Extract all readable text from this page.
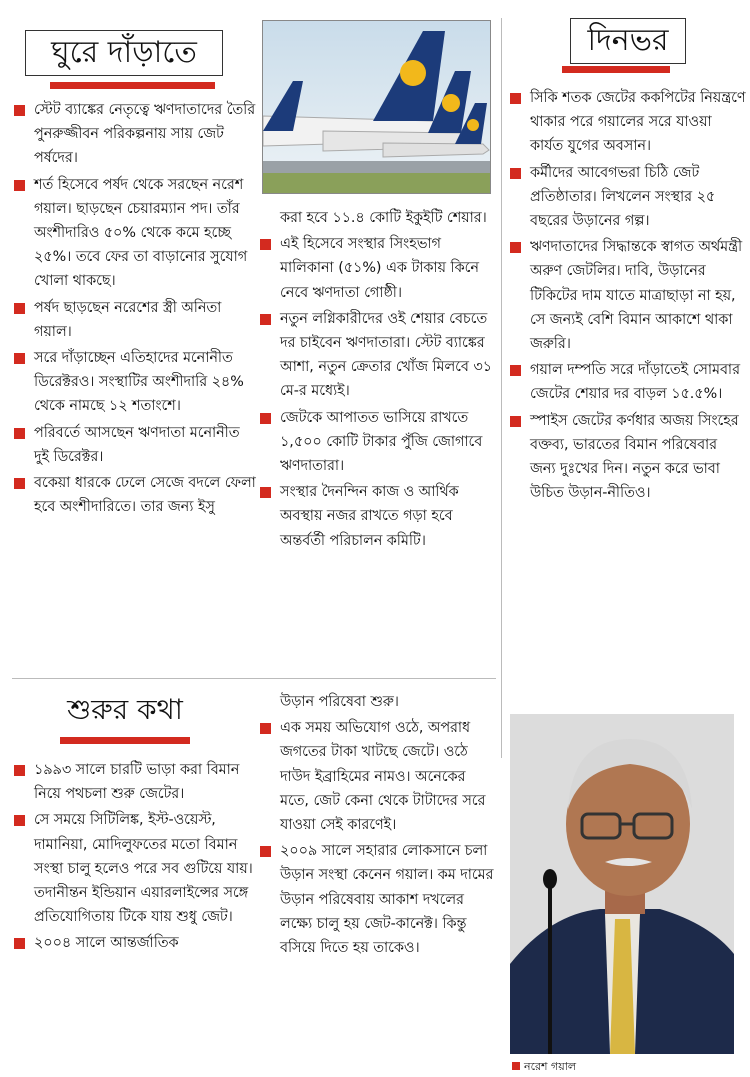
ঘুরে দাঁড়াতে
স্টেট ব্যাঙ্কের নেতৃত্বে ঋণদাতাদের তৈরি পুনরুজ্জীবন পরিকল্পনায় সায় জেট পর্ষদের।
শর্ত হিসেবে পর্ষদ থেকে সরছেন নরেশ গয়াল। ছাড়ছেন চেয়ারম্যান পদ। তাঁর অংশীদারিও ৫০% থেকে কমে হচ্ছে ২৫%। তবে ফের তা বাড়ানোর সুযোগ খোলা থাকছে।
পর্ষদ ছাড়ছেন নরেশের স্ত্রী অনিতা গয়াল।
সরে দাঁড়াচ্ছেন এতিহাদের মনোনীত ডিরেক্টরও। সংস্থাটির অংশীদারি ২৪% থেকে নামছে ১২ শতাংশে।
পরিবর্তে আসছেন ঋণদাতা মনোনীত দুই ডিরেক্টর।
বকেয়া ধারকে ঢেলে সেজে বদলে ফেলা হবে অংশীদারিতে। তার জন্য ইসু

করা হবে ১১.৪ কোটি ইকুইটি শেয়ার।

এই হিসেবে সংস্থার সিংহভাগ মালিকানা (৫১%) এক টাকায় কিনে নেবে ঋণদাতা গোষ্ঠী।
নতুন লগ্নিকারীদের ওই শেয়ার বেচতে দর চাইবেন ঋণদাতারা। স্টেট ব্যাঙ্কের আশা, নতুন ক্রেতার খোঁজ মিলবে ৩১ মে-র মধ্যেই।
জেটকে আপাতত ভাসিয়ে রাখতে ১,৫০০ কোটি টাকার পুঁজি জোগাবে ঋণদাতারা।
সংস্থার দৈনন্দিন কাজ ও আর্থিক অবস্থায় নজর রাখতে গড়া হবে অন্তর্বর্তী পরিচালন কমিটি।
দিনভর
সিকি শতক জেটের ককপিটের নিয়ন্ত্রণে থাকার পরে গয়ালের সরে যাওয়া কার্যত যুগের অবসান।
কর্মীদের আবেগভরা চিঠি জেট প্রতিষ্ঠাতার। লিখলেন সংস্থার ২৫ বছরের উড়ানের গল্প।
ঋণদাতাদের সিদ্ধান্তকে স্বাগত অর্থমন্ত্রী অরুণ জেটলির। দাবি, উড়ানের টিকিটের দাম যাতে মাত্রাছাড়া না হয়, সে জন্যই বেশি বিমান আকাশে থাকা জরুরি।
গয়াল দম্পতি সরে দাঁড়াতেই সোমবার জেটের শেয়ার দর বাড়ল ১৫.৫%।
স্পাইস জেটের কর্ণধার অজয় সিংহের বক্তব্য, ভারতের বিমান পরিষেবার জন্য দুঃখের দিন। নতুন করে ভাবা উচিত উড়ান-নীতিও।
নরেশ গয়াল
শুরুর কথা
১৯৯৩ সালে চারটি ভাড়া করা বিমান নিয়ে পথচলা শুরু জেটের।
সে সময়ে সিটিলিঙ্ক, ইস্ট-ওয়েস্ট, দামানিয়া, মোদিলুফতের মতো বিমান সংস্থা চালু হলেও পরে সব গুটিয়ে যায়। তদানীন্তন ইন্ডিয়ান এয়ারলাইন্সের সঙ্গে প্রতিযোগিতায় টিকে যায় শুধু জেট।
২০০৪ সালে আন্তর্জাতিক

উড়ান পরিষেবা শুরু।

এক সময় অভিযোগ ওঠে, অপরাধ জগতের টাকা খাটছে জেটে। ওঠে দাউদ ইব্রাহিমের নামও। অনেকের মতে, জেট কেনা থেকে টাটাদের সরে যাওয়া সেই কারণেই।
২০০৯ সালে সহারার লোকসানে চলা উড়ান সংস্থা কেনেন গয়াল। কম দামের উড়ান পরিষেবায় আকাশ দখলের লক্ষ্যে চালু হয় জেট-কানেক্ট। কিন্তু বসিয়ে দিতে হয় তাকেও।
